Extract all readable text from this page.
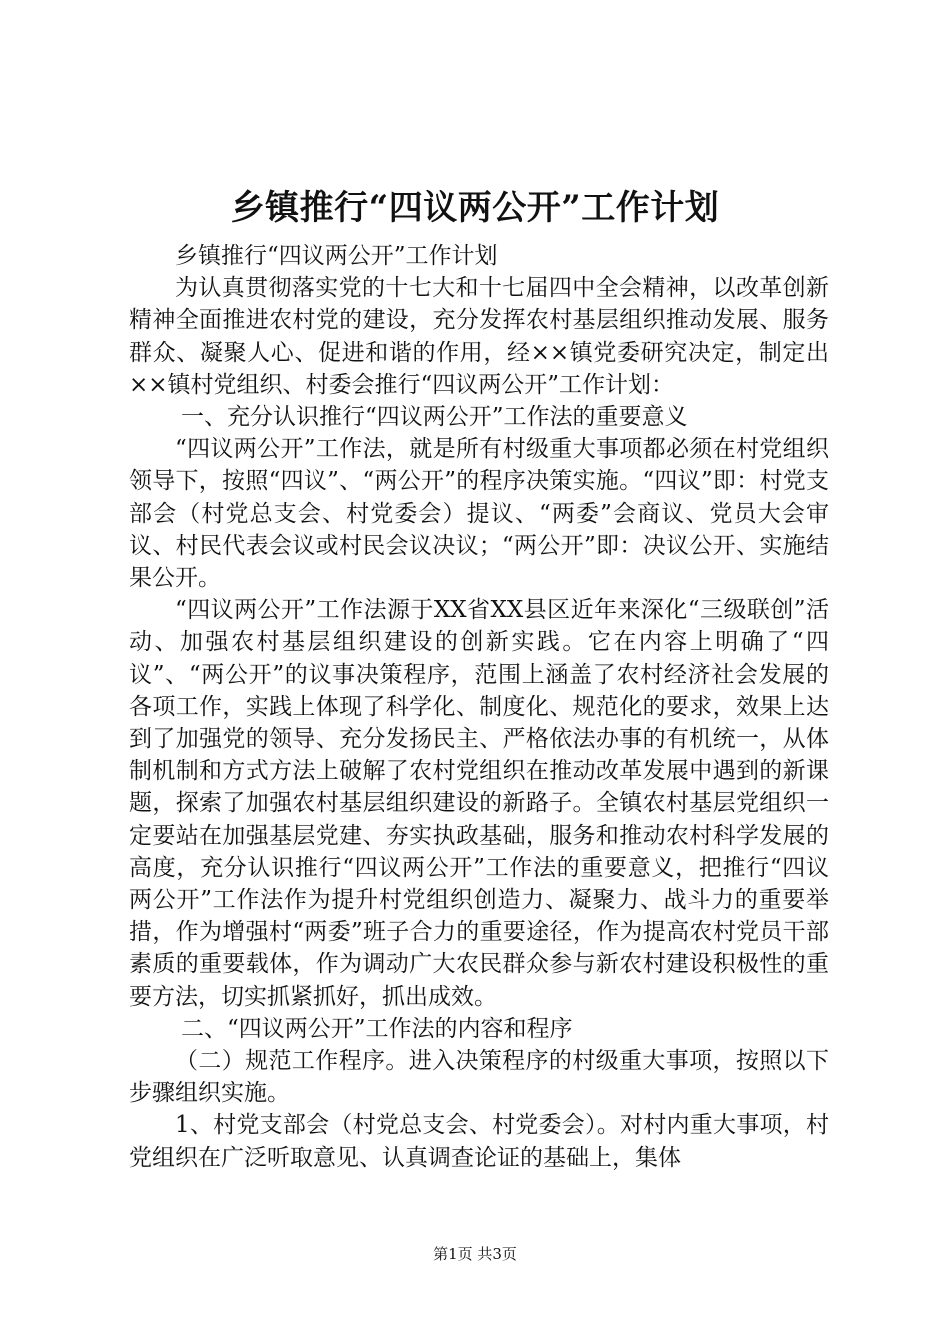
乡镇推行“四议两公开”工作计划

乡镇推行“四议两公开”工作计划

为认真贯彻落实党的十七大和十七届四中全会精神，以改革创新精神全面推进农村党的建设，充分发挥农村基层组织推动发展、服务群众、凝聚人心、促进和谐的作用，经××镇党委研究决定，制定出××镇村党组织、村委会推行“四议两公开”工作计划：

一、充分认识推行“四议两公开”工作法的重要意义

“四议两公开”工作法，就是所有村级重大事项都必须在村党组织领导下，按照“四议”、“两公开”的程序决策实施。“四议”即：村党支部会（村党总支会、村党委会）提议、“两委”会商议、党员大会审议、村民代表会议或村民会议决议；“两公开”即：决议公开、实施结果公开。

“四议两公开”工作法源于XX省XX县区近年来深化“三级联创”活动、加强农村基层组织建设的创新实践。它在内容上明确了“四议”、“两公开”的议事决策程序，范围上涵盖了农村经济社会发展的各项工作，实践上体现了科学化、制度化、规范化的要求，效果上达到了加强党的领导、充分发扬民主、严格依法办事的有机统一，从体制机制和方式方法上破解了农村党组织在推动改革发展中遇到的新课题，探索了加强农村基层组织建设的新路子。全镇农村基层党组织一定要站在加强基层党建、夯实执政基础，服务和推动农村科学发展的高度，充分认识推行“四议两公开”工作法的重要意义，把推行“四议两公开”工作法作为提升村党组织创造力、凝聚力、战斗力的重要举措，作为增强村“两委”班子合力的重要途径，作为提高农村党员干部素质的重要载体，作为调动广大农民群众参与新农村建设积极性的重要方法，切实抓紧抓好，抓出成效。

二、“四议两公开”工作法的内容和程序

（二）规范工作程序。进入决策程序的村级重大事项，按照以下步骤组织实施。

1、村党支部会（村党总支会、村党委会）。对村内重大事项，村党组织在广泛听取意见、认真调查论证的基础上，集体

第1页 共3页
